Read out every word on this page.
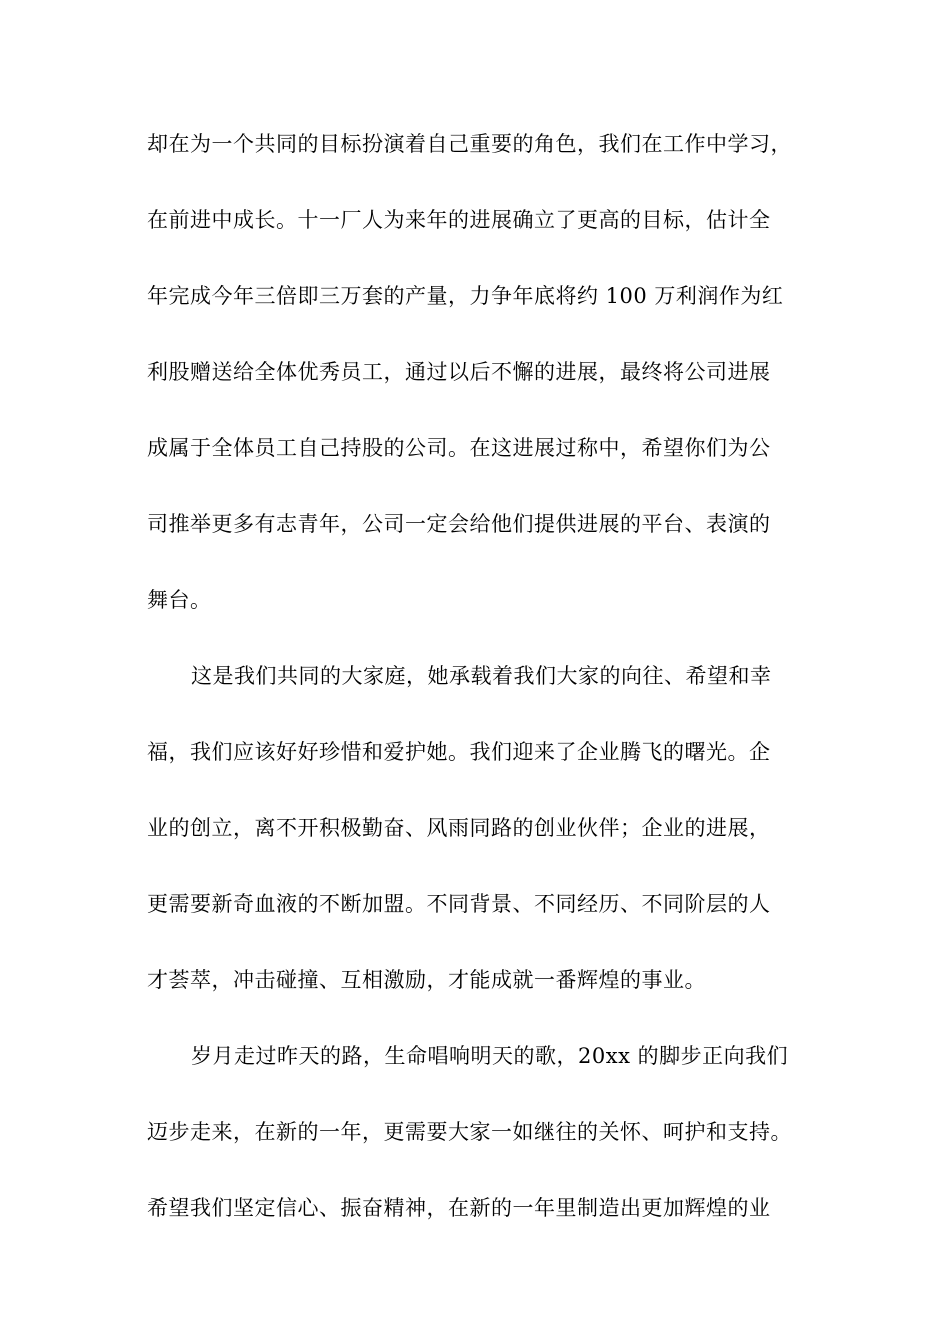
却在为一个共同的目标扮演着自己重要的角色，我们在工作中学习，
在前进中成长。十一厂人为来年的进展确立了更高的目标，估计全
年完成今年三倍即三万套的产量，力争年底将约 100 万利润作为红
利股赠送给全体优秀员工，通过以后不懈的进展，最终将公司进展
成属于全体员工自己持股的公司。在这进展过称中，希望你们为公
司推举更多有志青年，公司一定会给他们提供进展的平台、表演的
舞台。
这是我们共同的大家庭，她承载着我们大家的向往、希望和幸
福，我们应该好好珍惜和爱护她。我们迎来了企业腾飞的曙光。企
业的创立，离不开积极勤奋、风雨同路的创业伙伴；企业的进展，
更需要新奇血液的不断加盟。不同背景、不同经历、不同阶层的人
才荟萃，冲击碰撞、互相激励，才能成就一番辉煌的事业。
岁月走过昨天的路，生命唱响明天的歌，20xx 的脚步正向我们
迈步走来，在新的一年，更需要大家一如继往的关怀、呵护和支持。
希望我们坚定信心、振奋精神，在新的一年里制造出更加辉煌的业
